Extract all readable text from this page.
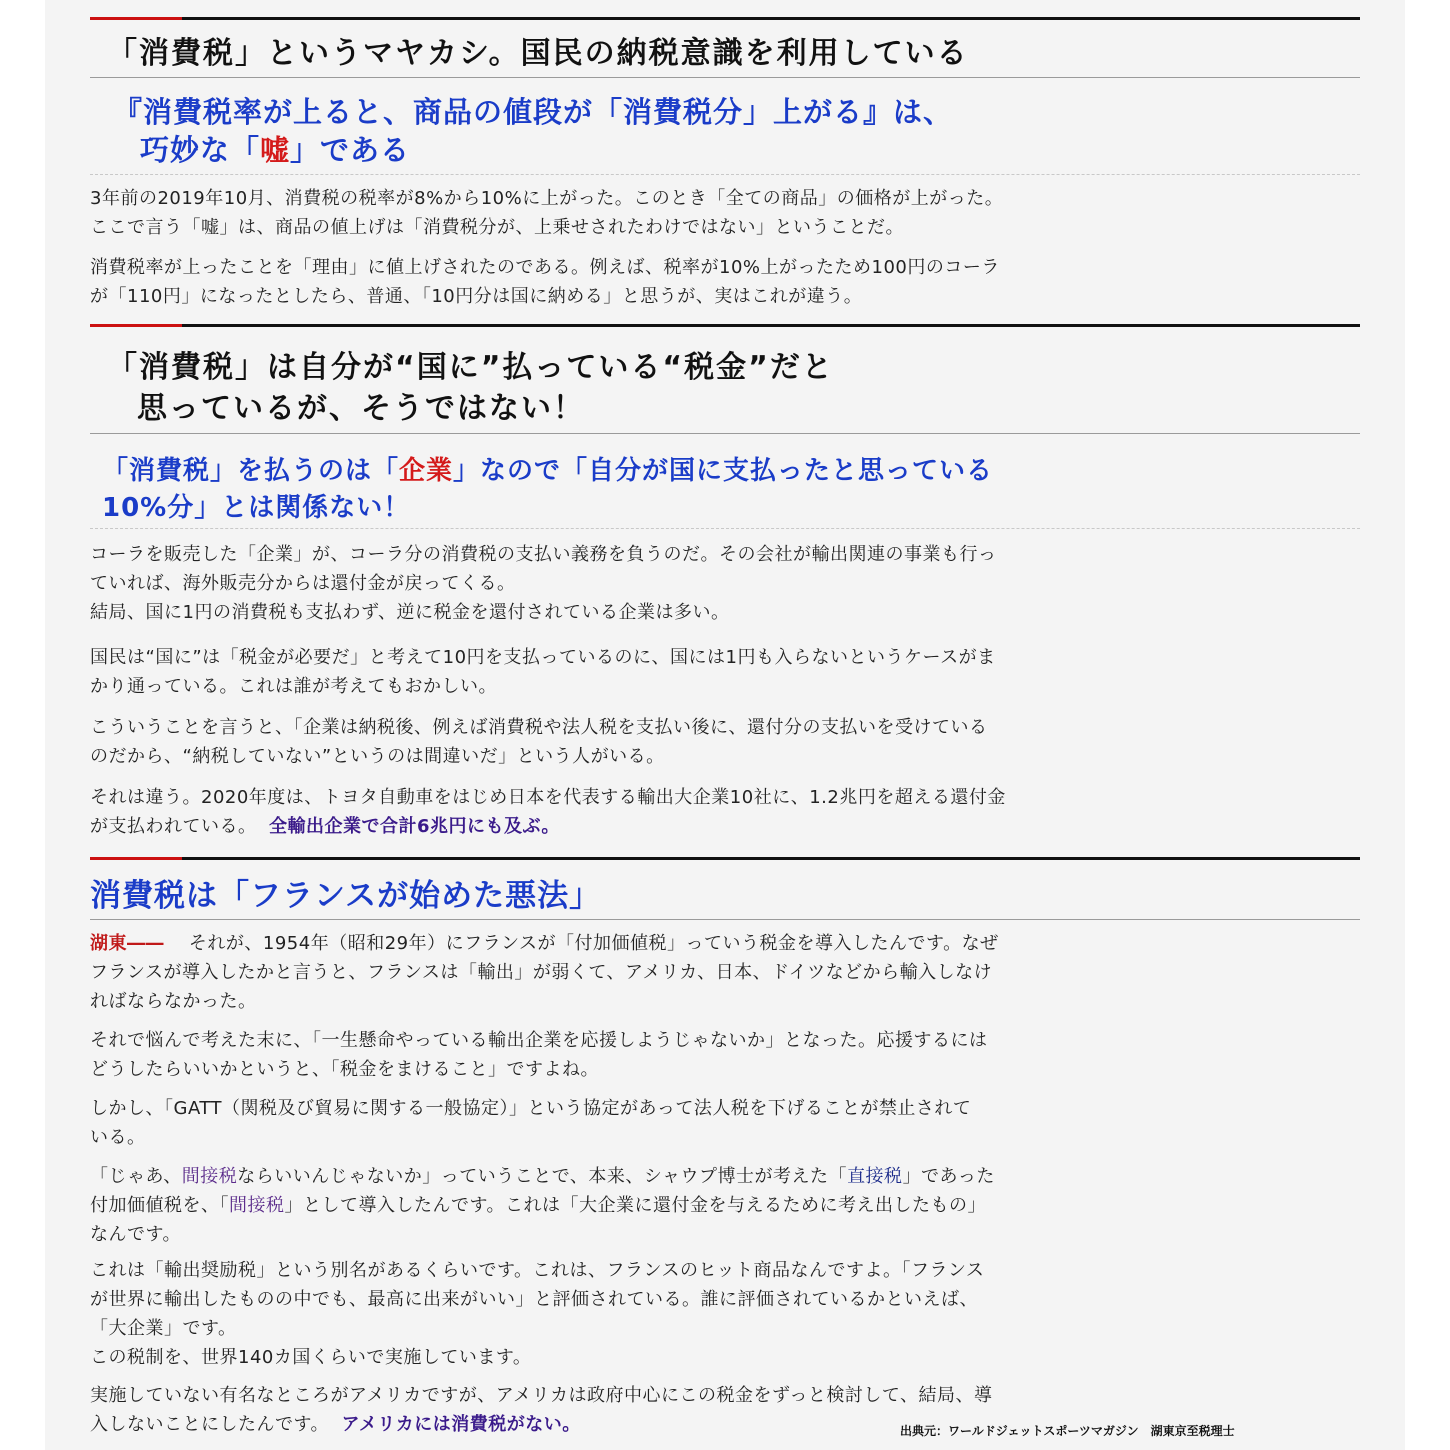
「消費税」というマヤカシ。国民の納税意識を利用している
『消費税率が上ると、商品の値段が「消費税分」上がる』は、
巧妙な「嘘」である
3年前の2019年10月、消費税の税率が8%から10%に上がった。このとき「全ての商品」の価格が上がった。
ここで言う「嘘」は、商品の値上げは「消費税分が、上乗せされたわけではない」ということだ。
消費税率が上ったことを「理由」に値上げされたのである。例えば、税率が10%上がったため100円のコーラ
が「110円」になったとしたら、普通、「10円分は国に納める」と思うが、実はこれが違う。
「消費税」は自分が“国に”払っている“税金”だと
思っているが、そうではない！
「消費税」を払うのは「企業」なので「自分が国に支払ったと思っている
10%分」とは関係ない！
コーラを販売した「企業」が、コーラ分の消費税の支払い義務を負うのだ。その会社が輸出関連の事業も行っ
ていれば、海外販売分からは還付金が戻ってくる。
結局、国に1円の消費税も支払わず、逆に税金を還付されている企業は多い。
国民は“国に”は「税金が必要だ」と考えて10円を支払っているのに、国には1円も入らないというケースがま
かり通っている。これは誰が考えてもおかしい。
こういうことを言うと、「企業は納税後、例えば消費税や法人税を支払い後に、還付分の支払いを受けている
のだから、“納税していない”というのは間違いだ」という人がいる。
それは違う。2020年度は、トヨタ自動車をはじめ日本を代表する輸出大企業10社に、1.2兆円を超える還付金
が支払われている。 全輸出企業で合計6兆円にも及ぶ。
消費税は「フランスが始めた悪法」
湖東―― それが、1954年（昭和29年）にフランスが「付加価値税」っていう税金を導入したんです。なぜ
フランスが導入したかと言うと、フランスは「輸出」が弱くて、アメリカ、日本、ドイツなどから輸入しなけ
ればならなかった。
それで悩んで考えた末に、「一生懸命やっている輸出企業を応援しようじゃないか」となった。応援するには
どうしたらいいかというと、「税金をまけること」ですよね。
しかし、「GATT（関税及び貿易に関する一般協定）」という協定があって法人税を下げることが禁止されて
いる。
「じゃあ、間接税ならいいんじゃないか」っていうことで、本来、シャウプ博士が考えた「直接税」であった
付加価値税を、「間接税」として導入したんです。これは「大企業に還付金を与えるために考え出したもの」
なんです。
これは「輸出奨励税」という別名があるくらいです。これは、フランスのヒット商品なんですよ。「フランス
が世界に輸出したものの中でも、最高に出来がいい」と評価されている。誰に評価されているかといえば、
「大企業」です。
この税制を、世界140カ国くらいで実施しています。
実施していない有名なところがアメリカですが、アメリカは政府中心にこの税金をずっと検討して、結局、導
入しないことにしたんです。 アメリカには消費税がない。	出典元：ワールドジェットスポーツマガジン　湖東京至税理士
